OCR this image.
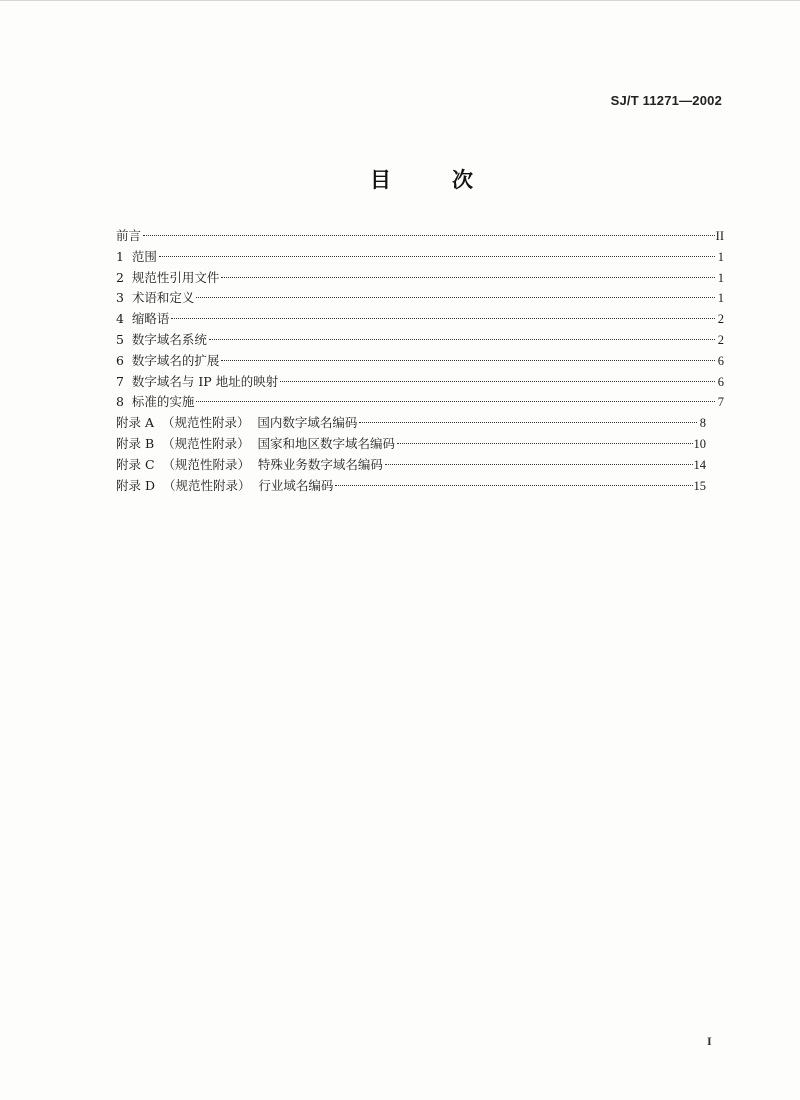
SJ/T 11271—2002
目	次
前言	II
1  范围	1
2  规范性引用文件	1
3  术语和定义	1
4  缩略语	2
5  数字域名系统	2
6  数字域名的扩展	6
7  数字域名与 IP 地址的映射	6
8  标准的实施	7
附录 A  （规范性附录）  国内数字域名编码	8
附录 B  （规范性附录）  国家和地区数字域名编码	10
附录 C  （规范性附录）  特殊业务数字域名编码	14
附录 D  （规范性附录）  行业域名编码	15
I
